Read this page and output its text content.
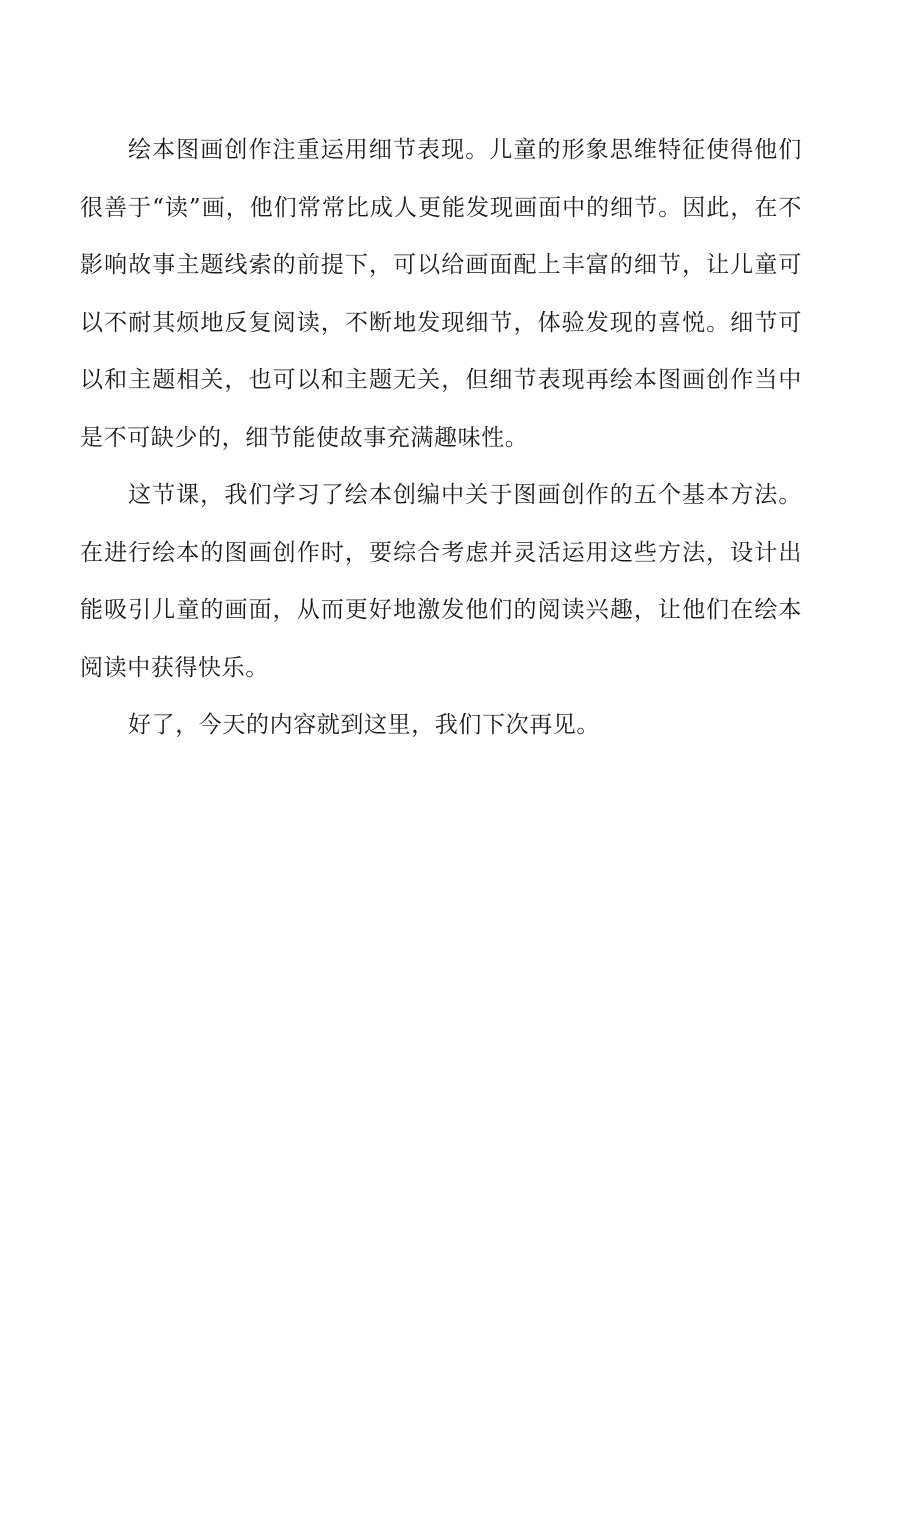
绘本图画创作注重运用细节表现。儿童的形象思维特征使得他们很善于“读”画，他们常常比成人更能发现画面中的细节。因此，在不影响故事主题线索的前提下，可以给画面配上丰富的细节，让儿童可以不耐其烦地反复阅读，不断地发现细节，体验发现的喜悦。细节可以和主题相关，也可以和主题无关，但细节表现再绘本图画创作当中是不可缺少的，细节能使故事充满趣味性。

这节课，我们学习了绘本创编中关于图画创作的五个基本方法。在进行绘本的图画创作时，要综合考虑并灵活运用这些方法，设计出能吸引儿童的画面，从而更好地激发他们的阅读兴趣，让他们在绘本阅读中获得快乐。

好了，今天的内容就到这里，我们下次再见。
